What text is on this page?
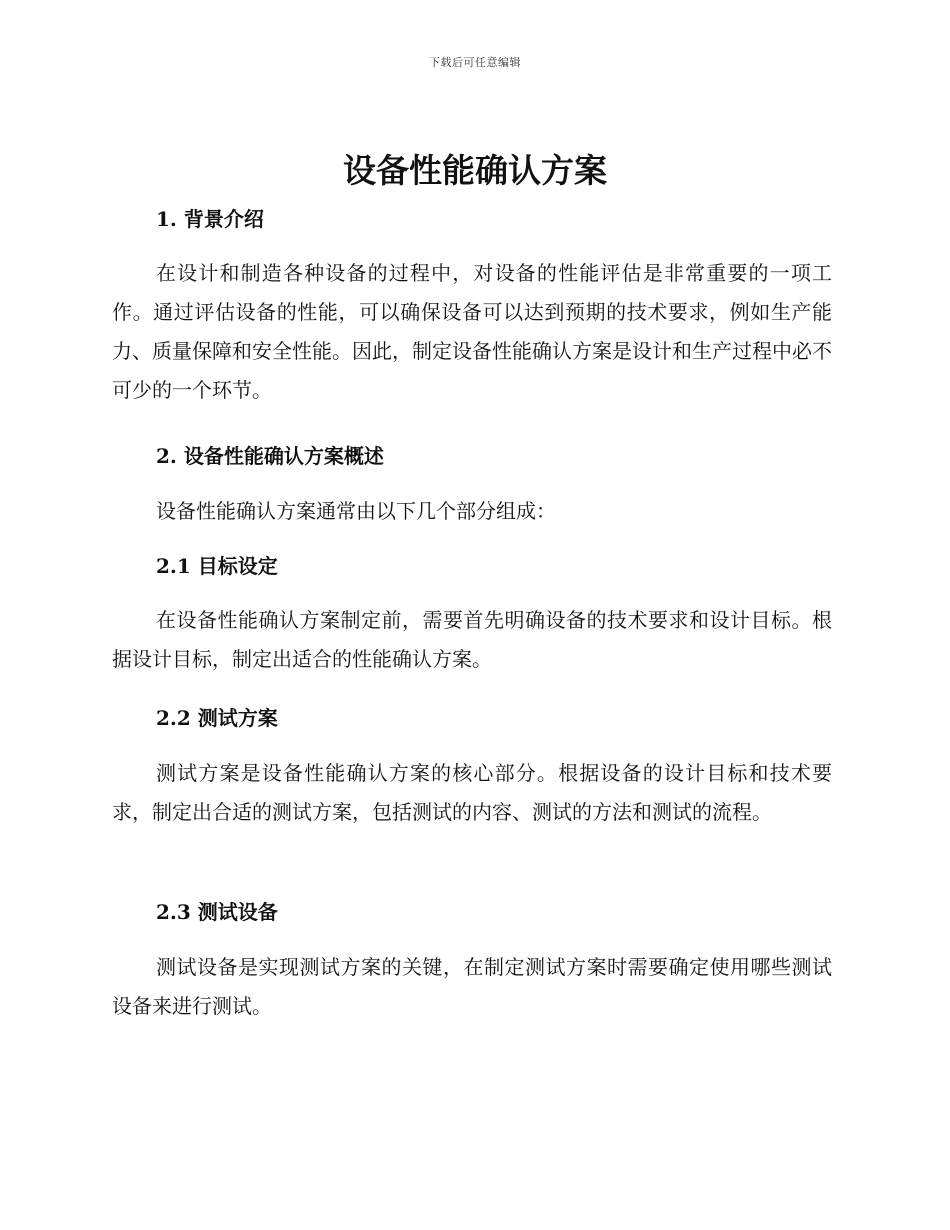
下载后可任意编辑
设备性能确认方案
1. 背景介绍

在设计和制造各种设备的过程中，对设备的性能评估是非常重要的一项工作。通过评估设备的性能，可以确保设备可以达到预期的技术要求，例如生产能力、质量保障和安全性能。因此，制定设备性能确认方案是设计和生产过程中必不可少的一个环节。

2. 设备性能确认方案概述

设备性能确认方案通常由以下几个部分组成：

2.1 目标设定

在设备性能确认方案制定前，需要首先明确设备的技术要求和设计目标。根据设计目标，制定出适合的性能确认方案。

2.2 测试方案

测试方案是设备性能确认方案的核心部分。根据设备的设计目标和技术要求，制定出合适的测试方案，包括测试的内容、测试的方法和测试的流程。

2.3 测试设备

测试设备是实现测试方案的关键，在制定测试方案时需要确定使用哪些测试设备来进行测试。
